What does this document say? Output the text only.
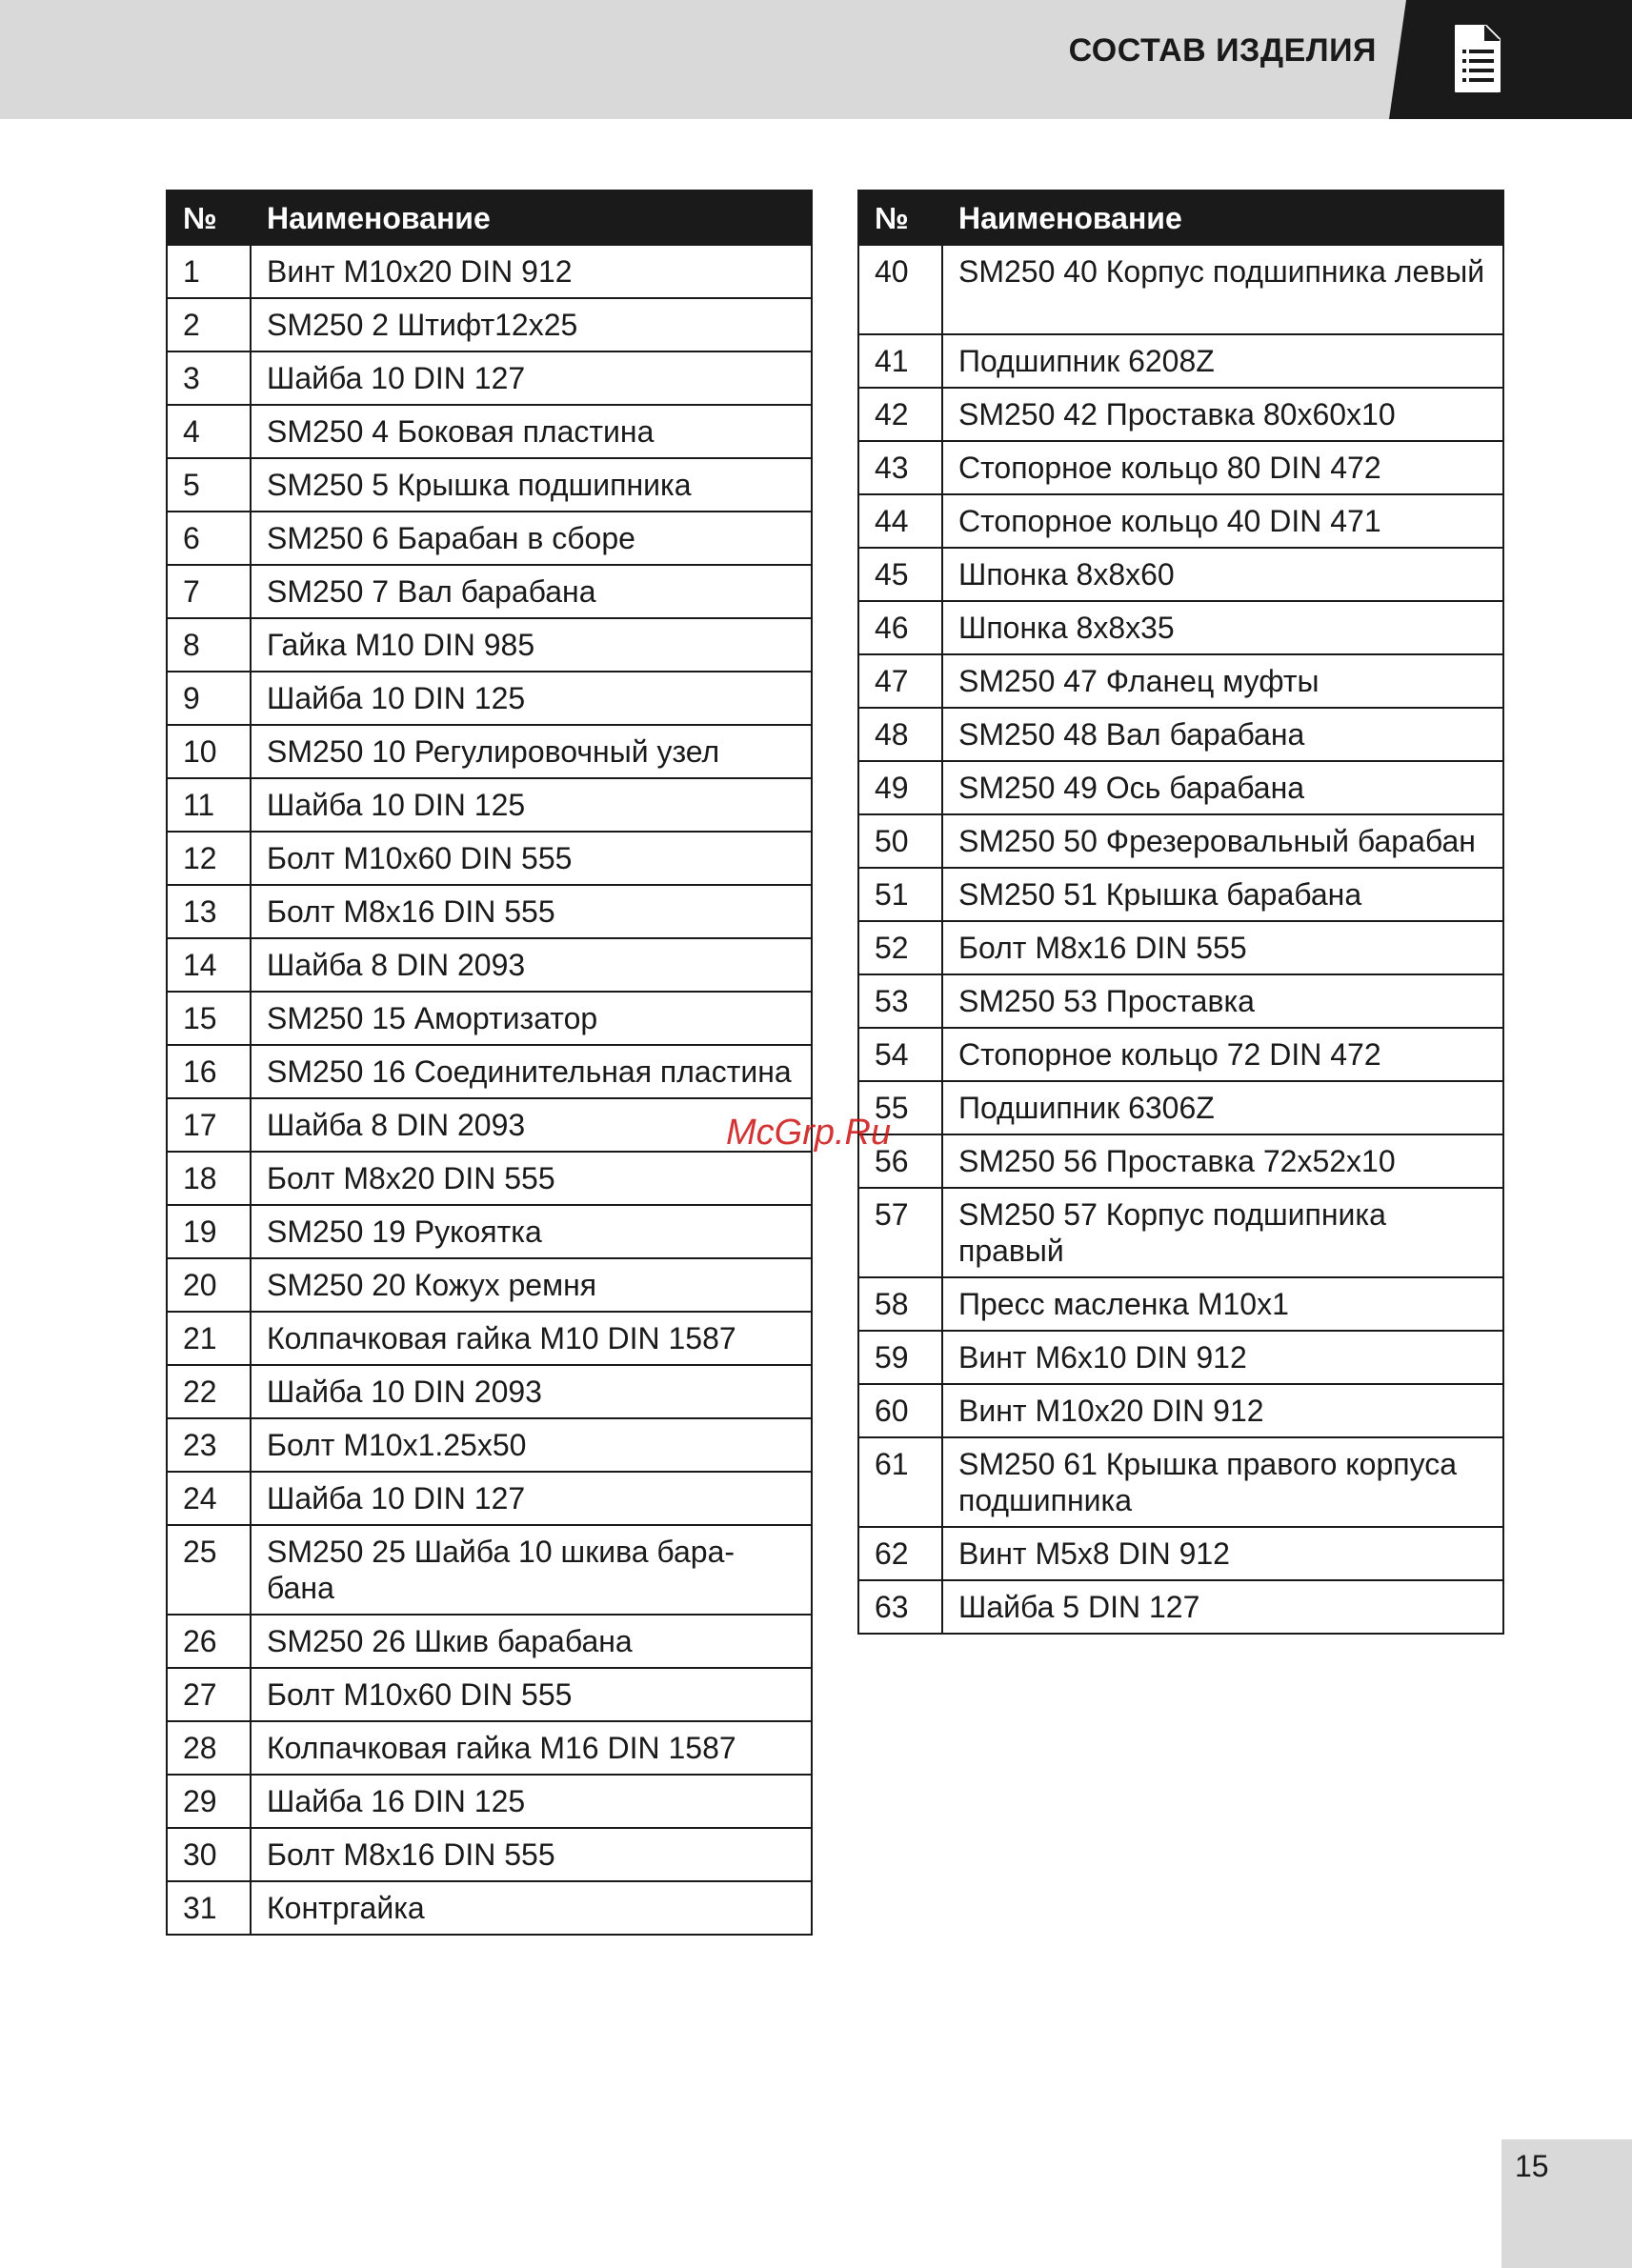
СОСТАВ ИЗДЕЛИЯ
№	Наименование
1	Винт M10x20 DIN 912
2	SM250 2 Штифт12х25
3	Шайба 10 DIN 127
4	SM250 4 Боковая пластина
5	SM250 5 Крышка подшипника
6	SM250 6 Барабан в сборе
7	SM250 7 Вал барабана
8	Гайка M10 DIN 985
9	Шайба 10 DIN 125
10	SM250 10 Регулировочный узел
11	Шайба 10 DIN 125
12	Болт M10x60 DIN 555
13	Болт M8x16 DIN 555
14	Шайба 8 DIN 2093
15	SM250 15 Амортизатор
16	SM250 16 Соединительная пластина
17	Шайба 8 DIN 2093
18	Болт M8x20 DIN 555
19	SM250 19 Рукоятка
20	SM250 20 Кожух ремня
21	Колпачковая гайка M10 DIN 1587
22	Шайба 10 DIN 2093
23	Болт M10x1.25x50
24	Шайба 10 DIN 127
25	SM250 25 Шайба 10 шкива бара-бана
26	SM250 26 Шкив барабана
27	Болт M10x60 DIN 555
28	Колпачковая гайка M16 DIN 1587
29	Шайба 16 DIN 125
30	Болт M8x16 DIN 555
31	Контргайка
№	Наименование
40	SM250 40 Корпус подшипника левый
41	Подшипник 6208Z
42	SM250 42 Проставка 80x60x10
43	Стопорное кольцо 80 DIN 472
44	Стопорное кольцо 40 DIN 471
45	Шпонка 8x8x60
46	Шпонка 8x8x35
47	SM250 47 Фланец муфты
48	SM250 48 Вал барабана
49	SM250 49 Ось барабана
50	SM250 50 Фрезеровальный барабан
51	SM250 51 Крышка барабана
52	Болт M8x16 DIN 555
53	SM250 53 Проставка
54	Стопорное кольцо 72 DIN 472
55	Подшипник 6306Z
56	SM250 56 Проставка 72x52x10
57	SM250 57 Корпус подшипника правый
58	Пресс масленка M10x1
59	Винт M6x10 DIN 912
60	Винт M10x20 DIN 912
61	SM250 61 Крышка правого корпуса подшипника
62	Винт M5x8 DIN 912
63	Шайба 5 DIN 127
McGrp.Ru
15
